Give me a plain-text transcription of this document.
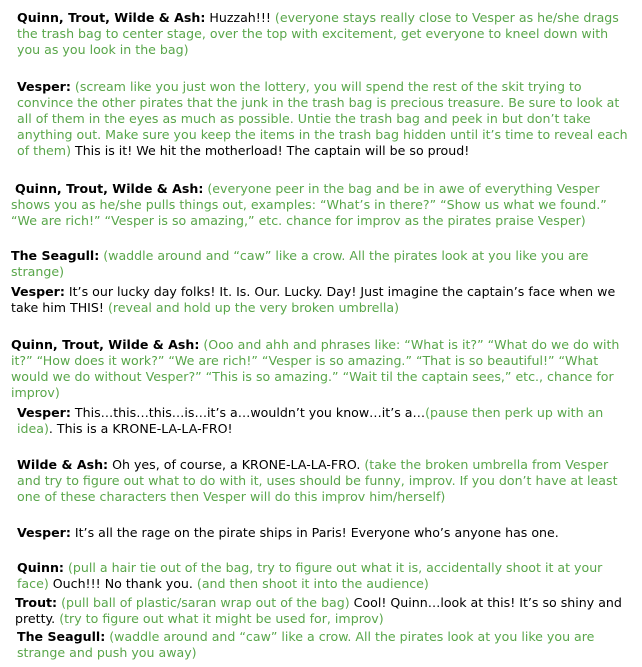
Quinn, Trout, Wilde & Ash: Huzzah!!! (everyone stays really close to Vesper as he/she drags the trash bag to center stage, over the top with excitement, get everyone to kneel down with you as you look in the bag)

Vesper: (scream like you just won the lottery, you will spend the rest of the skit trying to convince the other pirates that the junk in the trash bag is precious treasure. Be sure to look at all of them in the eyes as much as possible. Untie the trash bag and peek in but don’t take anything out. Make sure you keep the items in the trash bag hidden until it’s time to reveal each of them) This is it! We hit the motherload! The captain will be so proud!

Quinn, Trout, Wilde & Ash: (everyone peer in the bag and be in awe of everything Vesper shows you as he/she pulls things out, examples: “What’s in there?” “Show us what we found.” “We are rich!” “Vesper is so amazing,” etc. chance for improv as the pirates praise Vesper)

The Seagull: (waddle around and “caw” like a crow. All the pirates look at you like you are strange)

Vesper: It’s our lucky day folks! It. Is. Our. Lucky. Day! Just imagine the captain’s face when we take him THIS! (reveal and hold up the very broken umbrella)

Quinn, Trout, Wilde & Ash: (Ooo and ahh and phrases like: “What is it?” “What do we do with it?” “How does it work?” “We are rich!” “Vesper is so amazing.” “That is so beautiful!” “What would we do without Vesper?” “This is so amazing.” “Wait til the captain sees,” etc., chance for improv)

Vesper: This…this…this…is…it’s a…wouldn’t you know…it’s a…(pause then perk up with an idea). This is a KRONE-LA-LA-FRO!

Wilde & Ash: Oh yes, of course, a KRONE-LA-LA-FRO. (take the broken umbrella from Vesper and try to figure out what to do with it, uses should be funny, improv. If you don’t have at least one of these characters then Vesper will do this improv him/herself)

Vesper: It’s all the rage on the pirate ships in Paris! Everyone who’s anyone has one.

Quinn: (pull a hair tie out of the bag, try to figure out what it is, accidentally shoot it at your face) Ouch!!! No thank you. (and then shoot it into the audience)

Trout: (pull ball of plastic/saran wrap out of the bag) Cool! Quinn…look at this! It’s so shiny and pretty. (try to figure out what it might be used for, improv)

The Seagull: (waddle around and “caw” like a crow. All the pirates look at you like you are strange and push you away)
